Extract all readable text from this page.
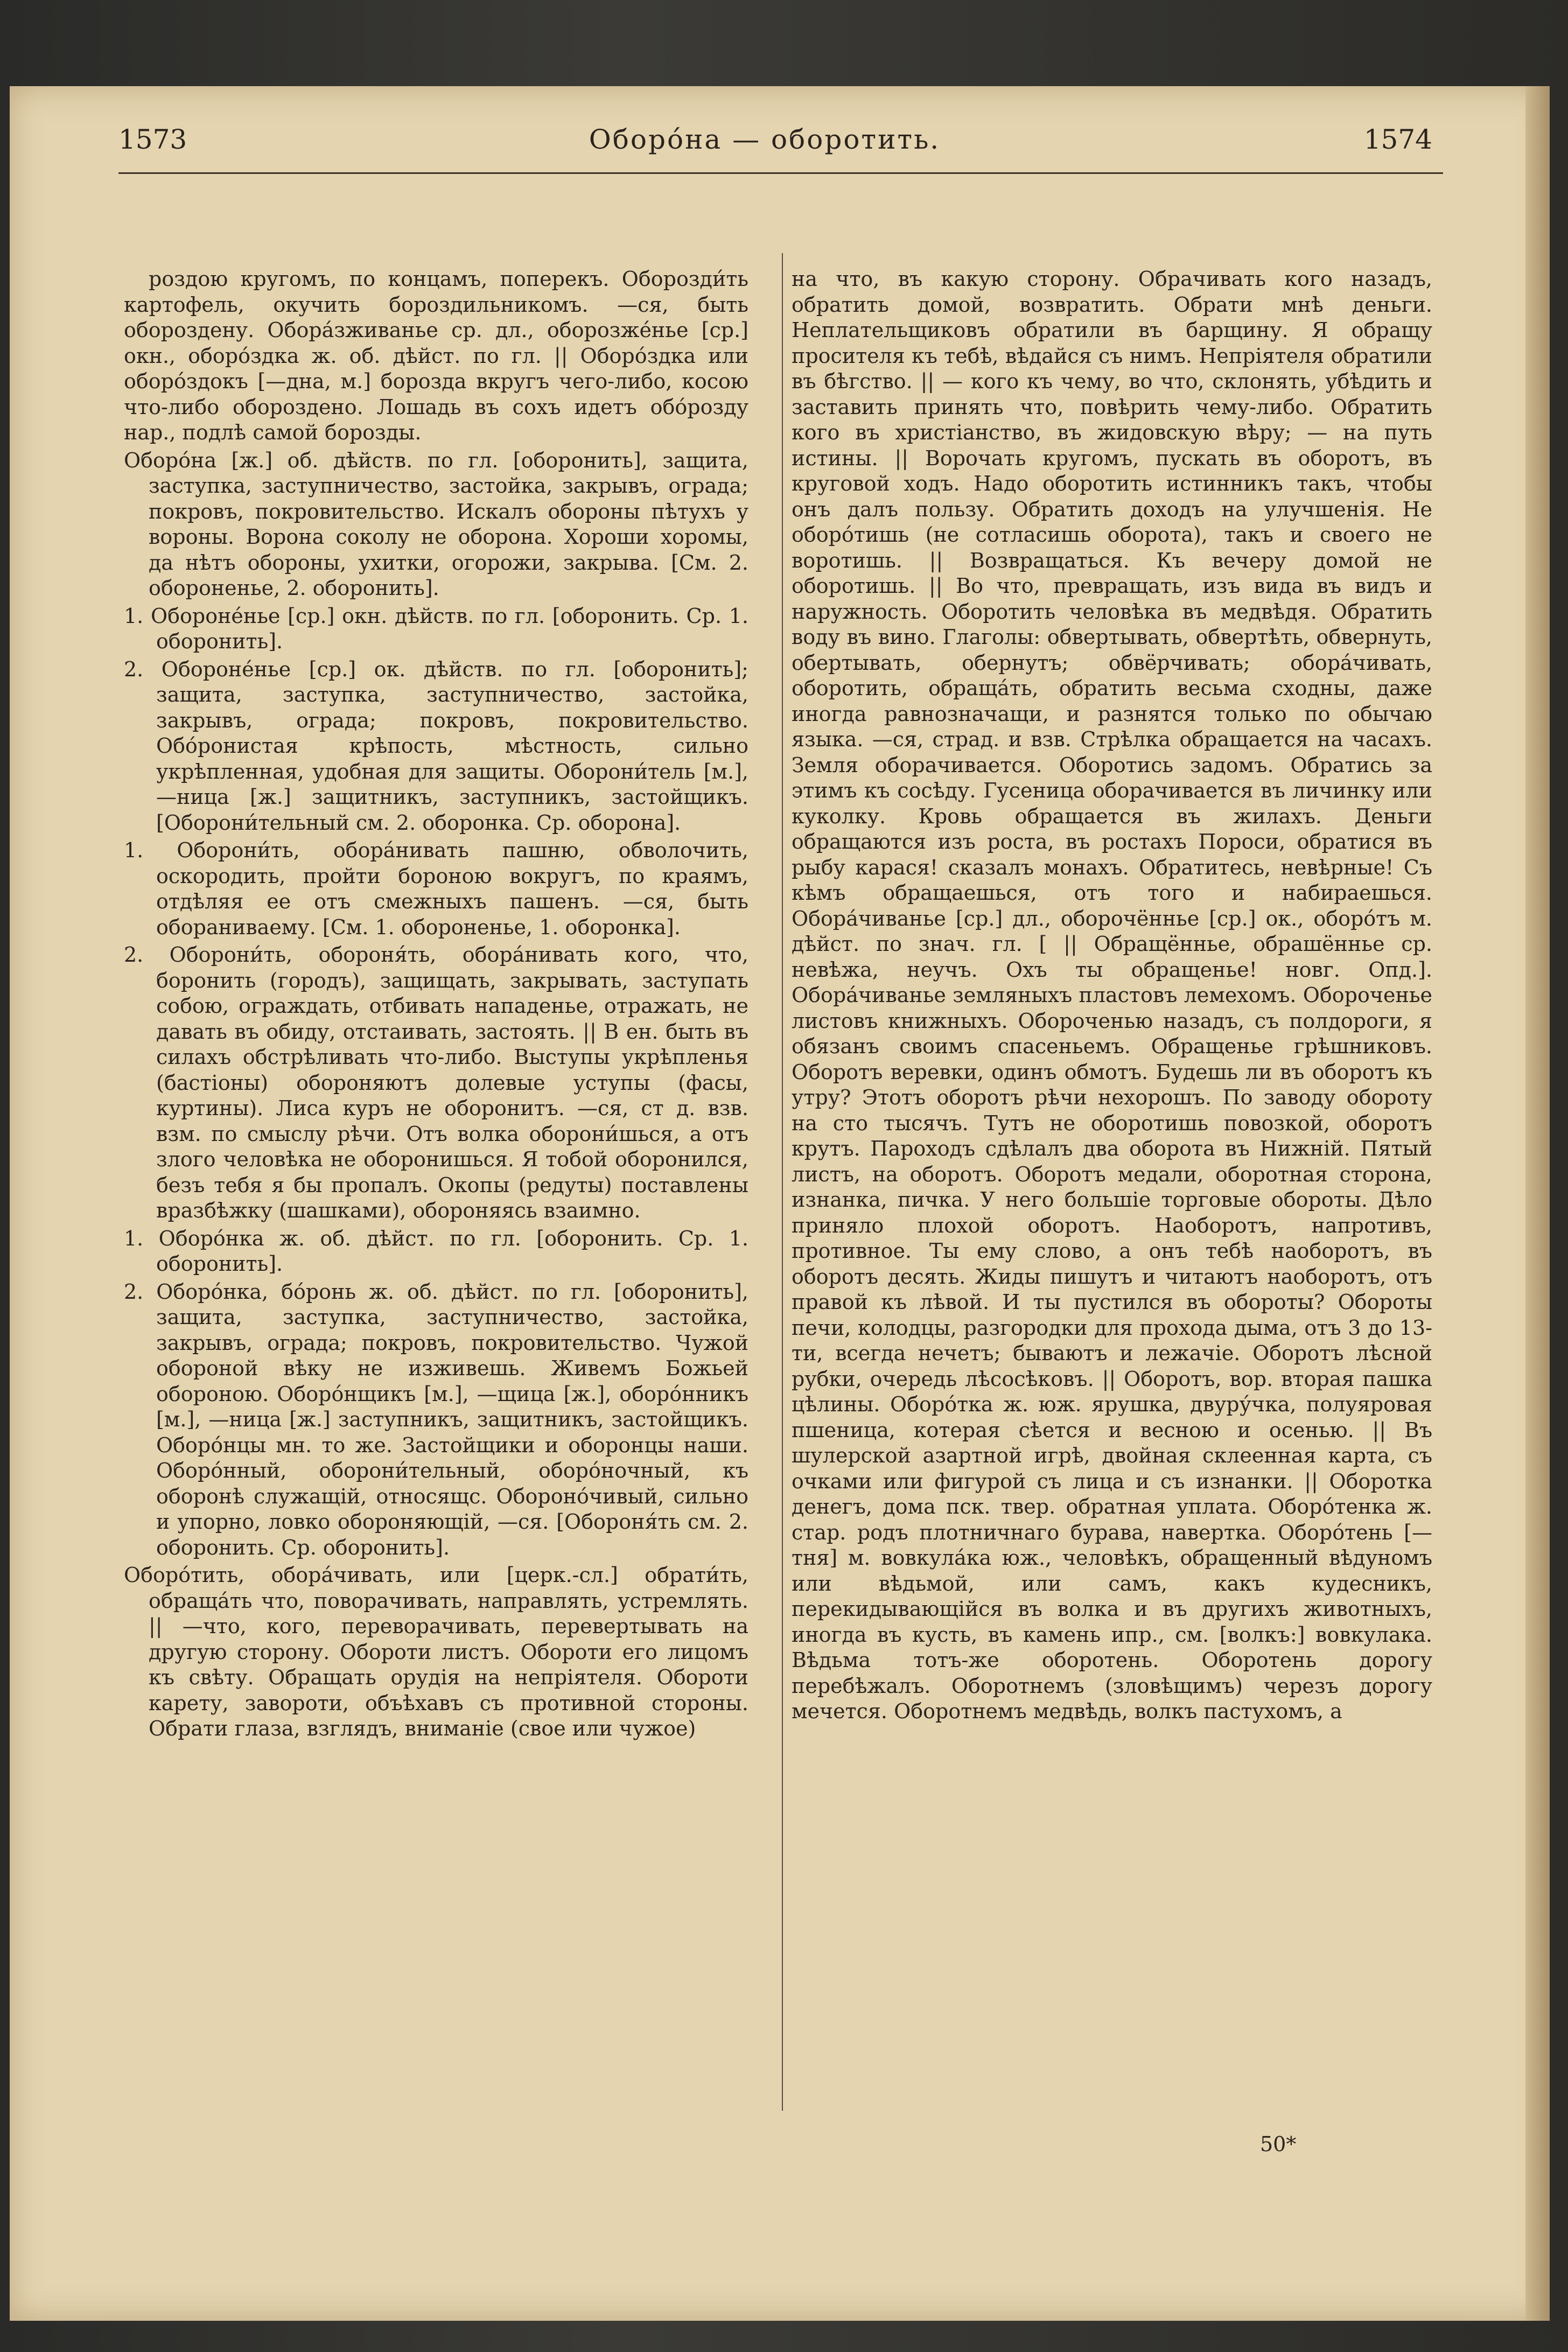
1573	Оборо́на — оборотить.	1574

роздою кругомъ, по концамъ, поперекъ. Оборозди́ть картофель, окучить бороздильникомъ. —ся, быть обороздену. Обора́зживанье ср. дл., оборозже́нье [ср.] окн., оборо́здка ж. об. дѣйст. по гл. || Оборо́здка или оборо́здокъ [—дна, м.] борозда вкругъ чего-либо, косою что-либо обороздено. Лошадь въ сохъ идетъ обо́розду нар., подлѣ самой борозды.

Оборо́на [ж.] об. дѣйств. по гл. [оборонить], защита, заступка, заступничество, застойка, закрывъ, ограда; покровъ, покровительство. Искалъ обороны пѣтухъ у вороны. Ворона соколу не оборона. Хороши хоромы, да нѣтъ обороны, ухитки, огорожи, закрыва. [См. 2. обороненье, 2. оборонить].

1. Обороне́нье [ср.] окн. дѣйств. по гл. [оборонить. Ср. 1. оборонить].

2. Обороне́нье [ср.] ок. дѣйств. по гл. [оборонить]; защита, заступка, заступничество, застойка, закрывъ, ограда; покровъ, покровительство. Обо́ронистая крѣпость, мѣстность, сильно укрѣпленная, удобная для защиты. Оборони́тель [м.], —ница [ж.] защитникъ, заступникъ, застойщикъ. [Оборони́тельный см. 2. оборонка. Ср. оборона].

1. Оборони́ть, обора́нивать пашню, обволочить, оскородить, пройти бороною вокругъ, по краямъ, отдѣляя ее отъ смежныхъ пашенъ. —ся, быть оборанивaему. [См. 1. обороненье, 1. оборонка].

2. Оборони́ть, обороня́ть, обора́нивать кого, что, боронить (городъ), защищать, закрывать, заступать собою, ограждать, отбивать нападенье, отражать, не давать въ обиду, отстаивать, застоять. || В ен. быть въ силахъ обстрѣливать что-либо. Выступы укрѣпленья (бастіоны) обороняютъ долевые уступы (фасы, куртины). Лиса куръ не оборонитъ. —ся, ст д. взв. взм. по смыслу рѣчи. Отъ волка оборони́шься, а отъ злого человѣка не оборонишься. Я тобой оборонился, безъ тебя я бы пропалъ. Окопы (редуты) поставлены вразбѣжку (шашками), обороняясь взаимно.

1. Оборо́нка ж. об. дѣйст. по гл. [оборонить. Ср. 1. оборонить].

2. Оборо́нка, бо́ронь ж. об. дѣйст. по гл. [оборонить], защита, заступка, заступничество, застойка, закрывъ, ограда; покровъ, покровительство. Чужой обороной вѣку не изживешь. Живемъ Божьей обороною. Оборо́нщикъ [м.], —щица [ж.], оборо́нникъ [м.], —ница [ж.] заступникъ, защитникъ, застойщикъ. Оборо́нцы мн. то же. Застойщики и оборонцы наши. Оборо́нный, оборони́тельный, оборо́ночный, къ оборонѣ служащій, относящс. Обороно́чивый, сильно и упорно, ловко обороняющій, —ся. [Обороня́ть см. 2. оборонить. Ср. оборонить].

Оборо́тить, обора́чивать, или [церк.-сл.] обрати́ть, обраща́ть что, поворачивать, направлять, устремлять. || —что, кого, переворачивать, перевертывать на другую сторону. Обороти листъ. Обороти его лицомъ къ свѣту. Обращать орудія на непріятеля. Обороти карету, завороти, объѣхавъ съ противной стороны. Обрати глаза, взглядъ, вниманіе (свое или чужое)

на что, въ какую сторону. Обрачивать кого назадъ, обратить домой, возвратить. Обрати мнѣ деньги. Неплательщиковъ обратили въ барщину. Я обращу просителя къ тебѣ, вѣдайся съ нимъ. Непріятеля обратили въ бѣгство. || — кого къ чему, во что, склонять, убѣдить и заставить принять что, повѣрить чему-либо. Обратить кого въ христіанство, въ жидовскую вѣру; — на путь истины. || Ворочать кругомъ, пускать въ оборотъ, въ круговой ходъ. Надо оборотить истинникъ такъ, чтобы онъ далъ пользу. Обратить доходъ на улучшенія. Не оборо́тишь (не сотласишь оборота), такъ и своего не воротишь. || Возвращаться. Къ вечеру домой не оборотишь. || Во что, превращать, изъ вида въ видъ и наружность. Оборотить человѣка въ медвѣдя. Обратить воду въ вино. Глаголы: обвертывать, обвертѣть, обвернуть, обертывать, обернутъ; обвёрчивать; обора́чивать, оборотить, обраща́ть, обратить весьма сходны, даже иногда равнозначащи, и разнятся только по обычаю языка. —ся, страд. и взв. Стрѣлка обращается на часахъ. Земля оборачивается. Оборотись задомъ. Обратись за этимъ къ сосѣду. Гусеница оборачивается въ личинку или куколку. Кровь обращается въ жилахъ. Деньги обращаются изъ роста, въ ростахъ Пороси, обратися въ рыбу карася! сказалъ монахъ. Обратитесь, невѣрные! Съ кѣмъ обращаешься, отъ того и набираешься. Обора́чиванье [ср.] дл., оборочённье [ср.] ок., оборо́тъ м. дѣйст. по знач. гл. [ || Обращённье, обрашённье ср. невѣжа, неучъ. Охъ ты обращенье! новг. Опд.]. Обора́чиванье земляныхъ пластовъ лемехомъ. Обороченье листовъ книжныхъ. Обороченью назадъ, съ полдороги, я обязанъ своимъ спасеньемъ. Обращенье грѣшниковъ. Оборотъ веревки, одинъ обмотъ. Будешь ли въ оборотъ къ утру? Этотъ оборотъ рѣчи нехорошъ. По заводу обороту на сто тысячъ. Тутъ не оборотишь повозкой, оборотъ крутъ. Пароходъ сдѣлалъ два оборота въ Нижній. Пятый листъ, на оборотъ. Оборотъ медали, оборотная сторона, изнанка, пичка. У него большіе торговые обороты. Дѣло приняло плохой оборотъ. Наоборотъ, напротивъ, противное. Ты ему слово, а онъ тебѣ наоборотъ, въ оборотъ десять. Жиды пишутъ и читаютъ наоборотъ, отъ правой къ лѣвой. И ты пустился въ обороты? Обороты печи, колодцы, разгородки для прохода дыма, отъ 3 до 13-ти, всегда нечетъ; бываютъ и лежачіе. Оборотъ лѣсной рубки, очередь лѣсосѣковъ. || Оборотъ, вор. вторая пашка цѣлины. Оборо́тка ж. юж. ярушка, двуру́чка, полуяровая пшеница, котерая сѣется и весною и осенью. || Въ шулерской азартной игрѣ, двойная склеенная карта, съ очками или фигурой съ лица и съ изнанки. || Оборотка денегъ, дома пск. твер. обратная уплата. Оборо́тенка ж. стар. родъ плотничнаго бурава, навертка. Оборо́тень [— тня] м. вовкула́ка юж., человѣкъ, обращенный вѣдуномъ или вѣдьмой, или самъ, какъ кудесникъ, перекидывающійся въ волка и въ другихъ животныхъ, иногда въ кусть, въ камень ипр., см. [волкъ:] вовкулака. Вѣдьма тотъ-же оборотень. Оборотень дорогу перебѣжалъ. Оборотнемъ (зловѣщимъ) черезъ дорогу мечется. Оборотнемъ медвѣдь, волкъ пастухомъ, а

50*
